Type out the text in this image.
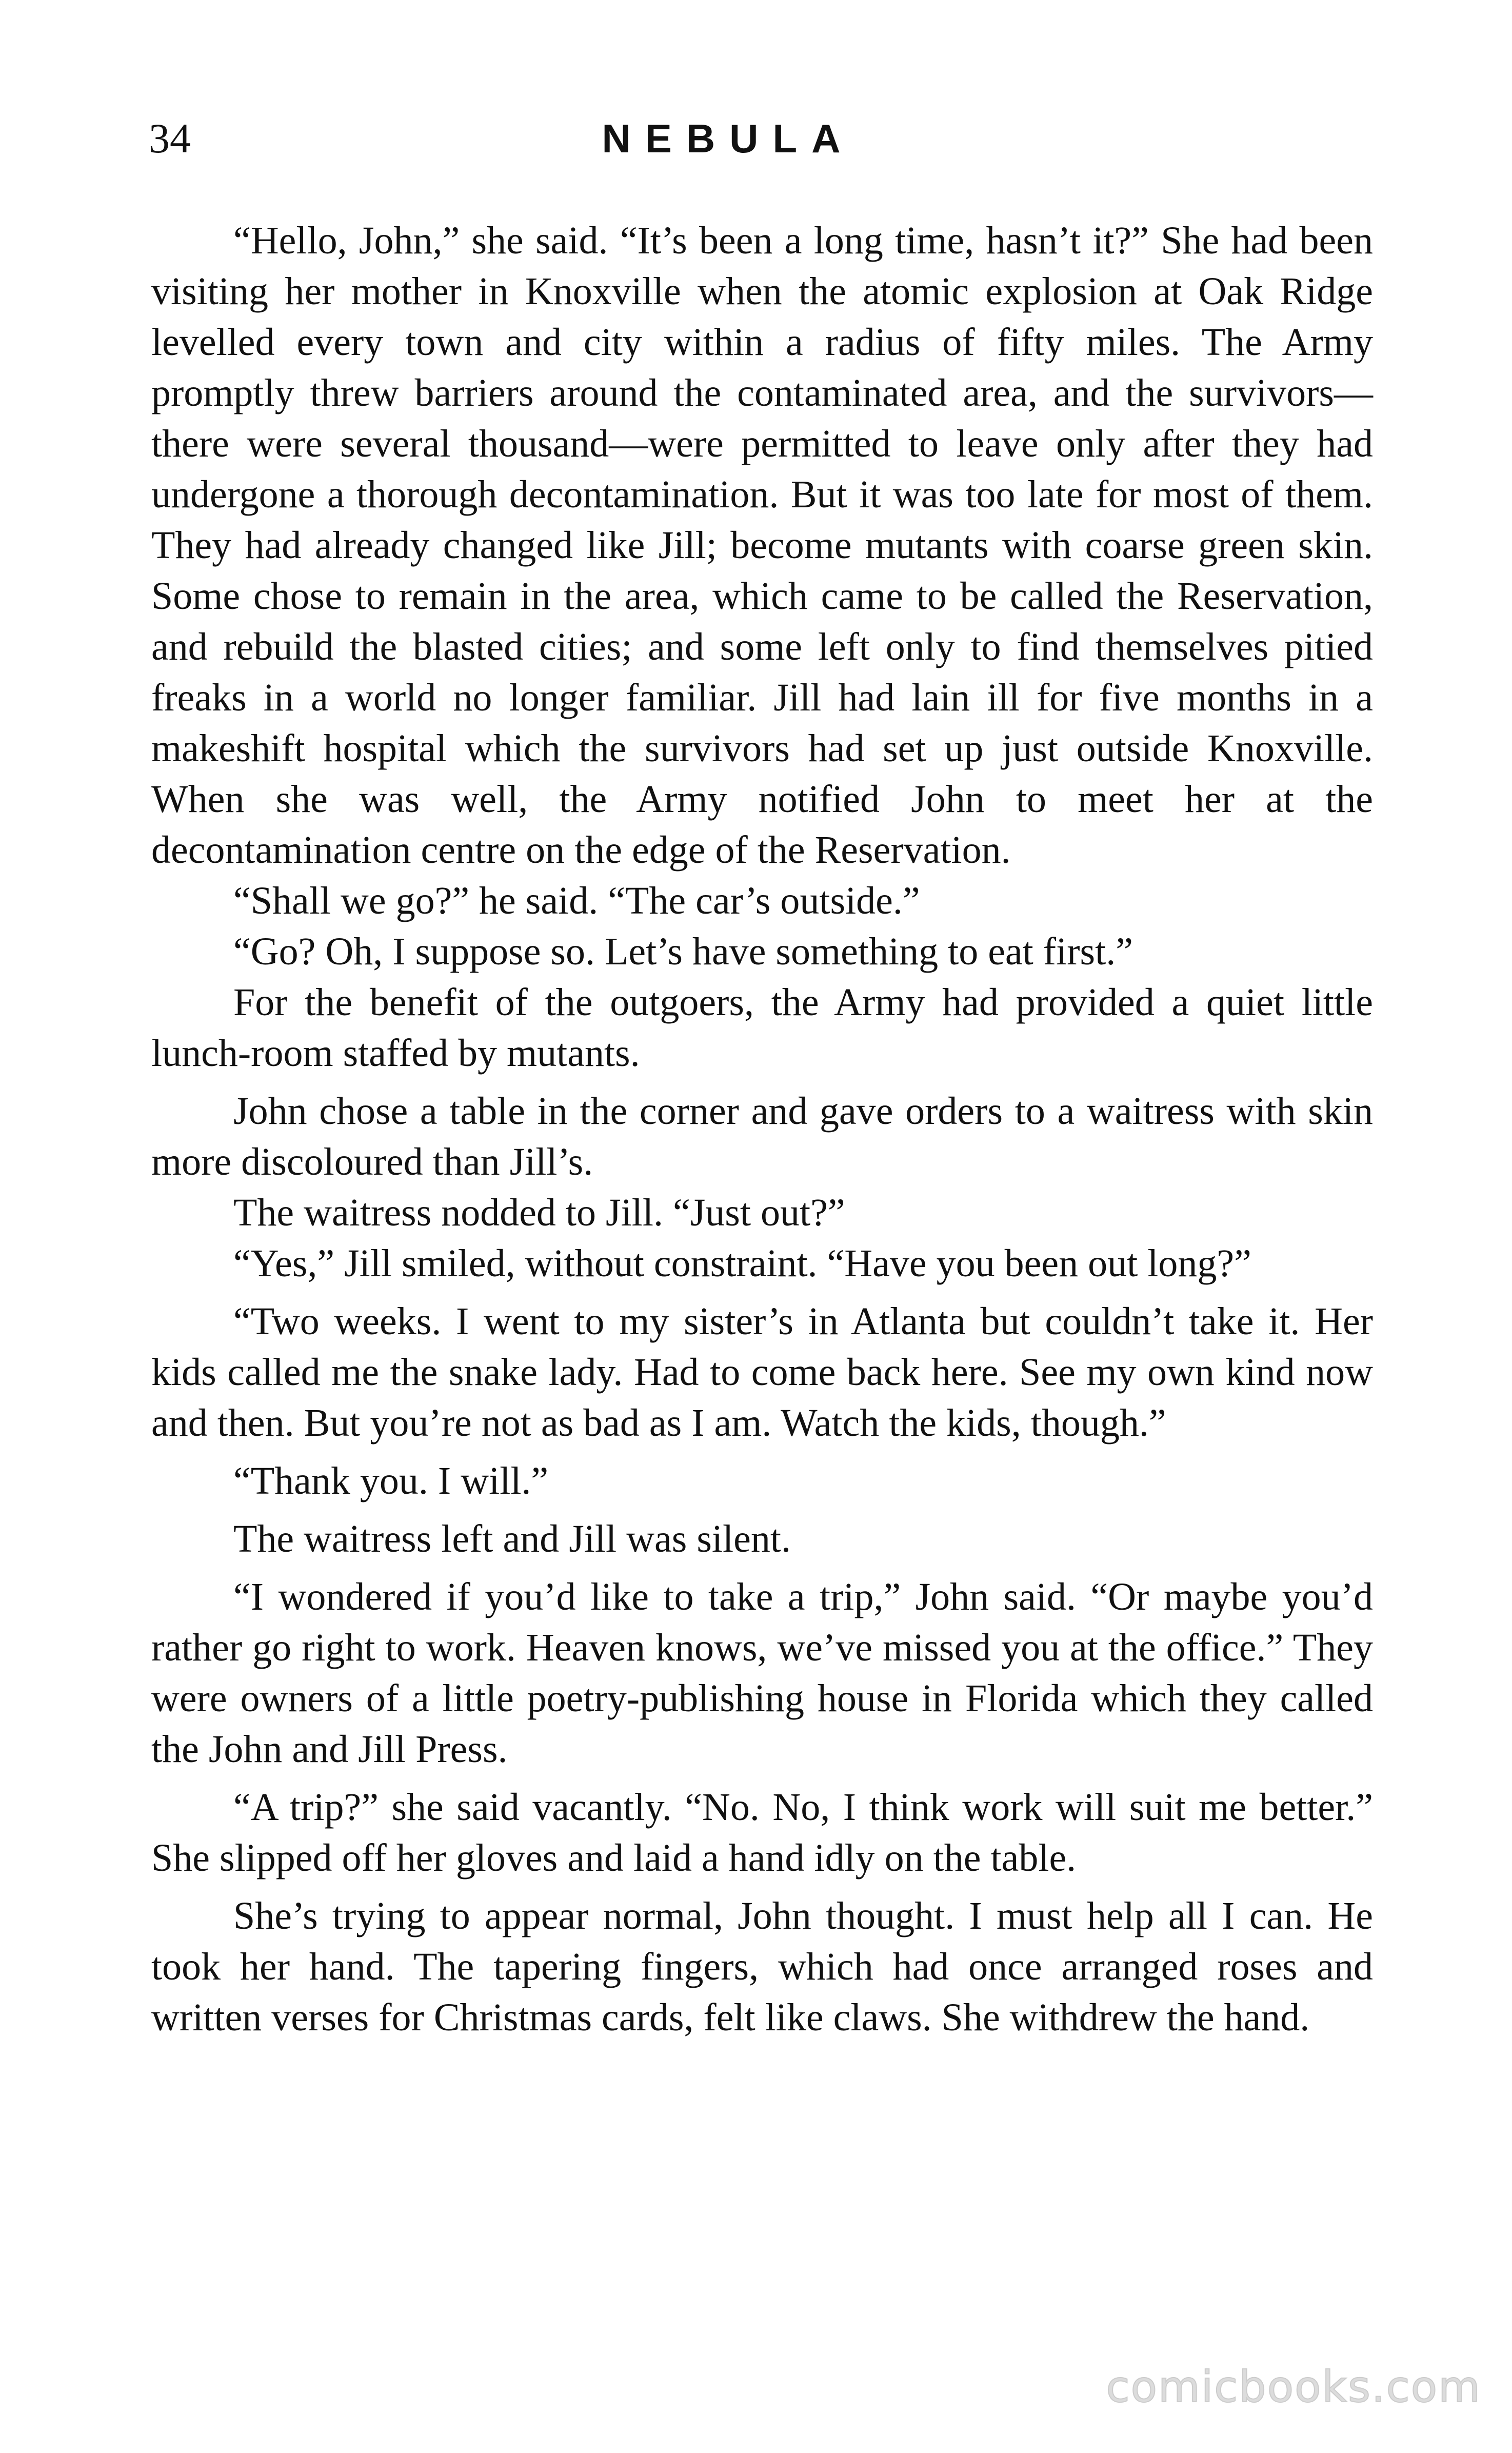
34	NEBULA

“Hello, John,” she said. “It’s been a long time, hasn’t it?” She had been visiting her mother in Knoxville when the atomic explosion at Oak Ridge levelled every town and city within a radius of fifty miles. The Army promptly threw barriers around the contaminated area, and the survivors—there were several thousand—were permitted to leave only after they had undergone a thorough decontamination. But it was too late for most of them. They had already changed like Jill; become mutants with coarse green skin. Some chose to remain in the area, which came to be called the Reservation, and rebuild the blasted cities; and some left only to find themselves pitied freaks in a world no longer familiar. Jill had lain ill for five months in a makeshift hospital which the survivors had set up just outside Knoxville. When she was well, the Army notified John to meet her at the decontamination centre on the edge of the Reservation.

“Shall we go?” he said. “The car’s outside.”

“Go? Oh, I suppose so. Let’s have something to eat first.”

For the benefit of the outgoers, the Army had provided a quiet little lunch-room staffed by mutants.

John chose a table in the corner and gave orders to a waitress with skin more discoloured than Jill’s.

The waitress nodded to Jill. “Just out?”

“Yes,” Jill smiled, without constraint. “Have you been out long?”

“Two weeks. I went to my sister’s in Atlanta but couldn’t take it. Her kids called me the snake lady. Had to come back here. See my own kind now and then. But you’re not as bad as I am. Watch the kids, though.”

“Thank you. I will.”

The waitress left and Jill was silent.

“I wondered if you’d like to take a trip,” John said. “Or maybe you’d rather go right to work. Heaven knows, we’ve missed you at the office.” They were owners of a little poetry-publishing house in Florida which they called the John and Jill Press.

“A trip?” she said vacantly. “No. No, I think work will suit me better.” She slipped off her gloves and laid a hand idly on the table.

She’s trying to appear normal, John thought. I must help all I can. He took her hand. The tapering fingers, which had once arranged roses and written verses for Christmas cards, felt like claws. She withdrew the hand.

comicbooks.com
